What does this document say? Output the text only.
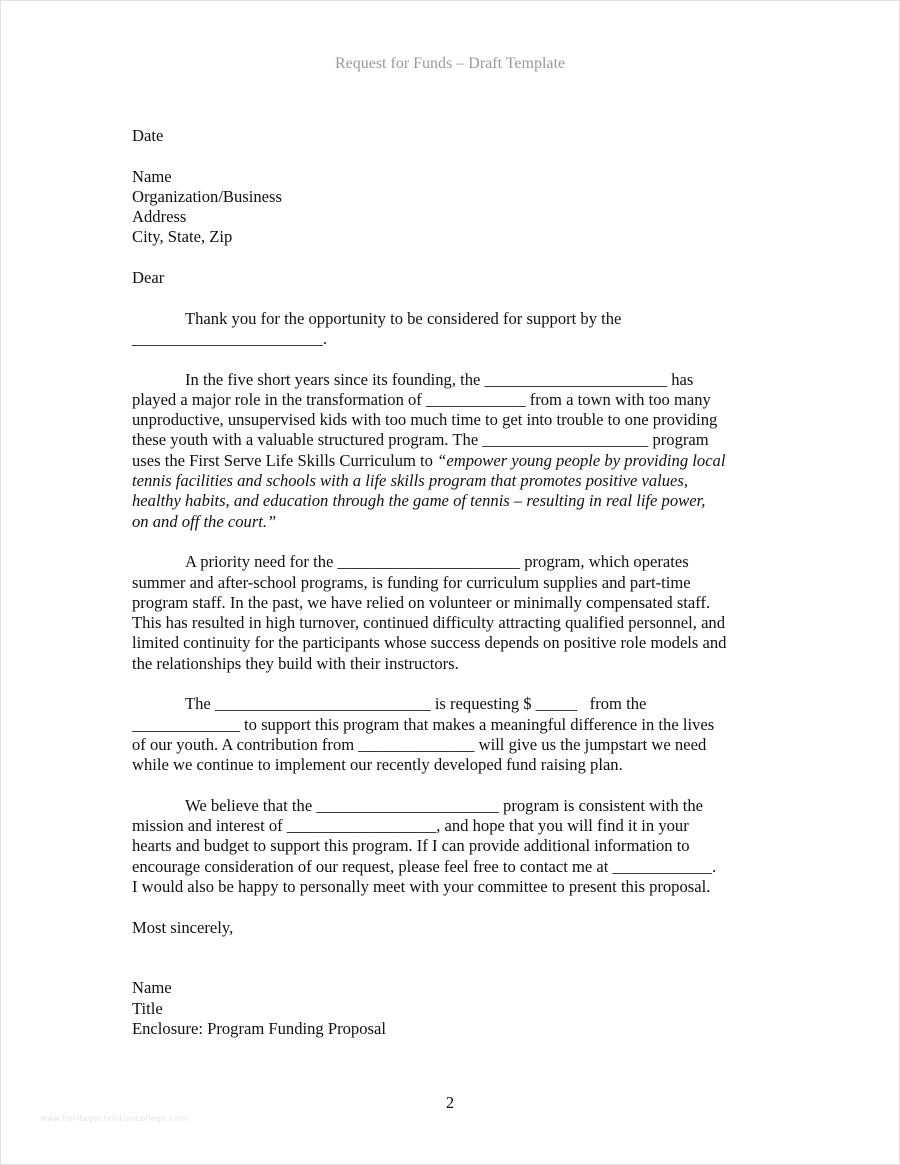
Request for Funds – Draft Template
Date
Name
Organization/Business
Address
City, State, Zip
Dear
Thank you for the opportunity to be considered for support by the
_______________________.
In the five short years since its founding, the ______________________ has
played a major role in the transformation of ____________ from a town with too many
unproductive, unsupervised kids with too much time to get into trouble to one providing
these youth with a valuable structured program. The ____________________ program
uses the First Serve Life Skills Curriculum to “empower young people by providing local
tennis facilities and schools with a life skills program that promotes positive values,
healthy habits, and education through the game of tennis – resulting in real life power,
on and off the court.”
A priority need for the ______________________ program, which operates
summer and after-school programs, is funding for curriculum supplies and part-time
program staff. In the past, we have relied on volunteer or minimally compensated staff.
This has resulted in high turnover, continued difficulty attracting qualified personnel, and
limited continuity for the participants whose success depends on positive role models and
the relationships they build with their instructors.
The __________________________ is requesting $ _____   from the
_____________ to support this program that makes a meaningful difference in the lives
of our youth. A contribution from ______________ will give us the jumpstart we need
while we continue to implement our recently developed fund raising plan.
We believe that the ______________________ program is consistent with the
mission and interest of __________________, and hope that you will find it in your
hearts and budget to support this program. If I can provide additional information to
encourage consideration of our request, please feel free to contact me at ____________.
I would also be happy to personally meet with your committee to present this proposal.
Most sincerely,
Name
Title
Enclosure: Program Funding Proposal
2
www.heritagechristiancollege.com
